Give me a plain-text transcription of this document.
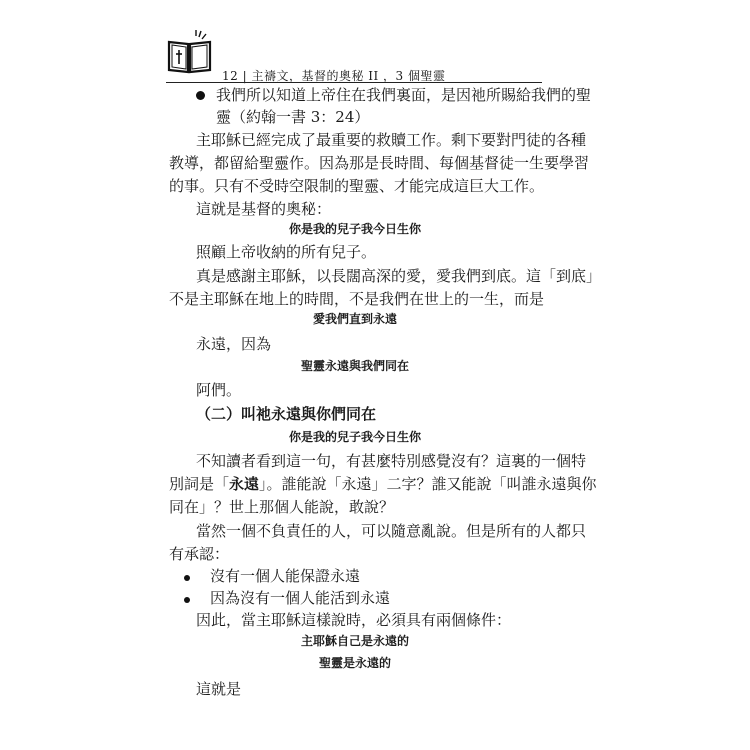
12 | 主禱文，基督的奧秘 II ，3 個聖靈
我們所以知道上帝住在我們裏面，是因祂所賜給我們的聖
靈（約翰一書 3：24）
主耶穌已經完成了最重要的救贖工作。剩下要對門徒的各種
教導，都留給聖靈作。因為那是長時間、每個基督徒一生要學習
的事。只有不受時空限制的聖靈、才能完成這巨大工作。
這就是基督的奧秘：
你是我的兒子我今日生你
照顧上帝收納的所有兒子。
真是感謝主耶穌，以長闊高深的愛，愛我們到底。這「到底」
不是主耶穌在地上的時間，不是我們在世上的一生，而是
愛我們直到永遠
永遠，因為
聖靈永遠與我們同在
阿們。
（二）叫祂永遠與你們同在
你是我的兒子我今日生你
不知讀者看到這一句，有甚麼特別感覺沒有？這裏的一個特
別詞是「永遠」。誰能說「永遠」二字？誰又能說「叫誰永遠與你
同在」？世上那個人能說，敢說？
當然一個不負責任的人，可以隨意亂說。但是所有的人都只
有承認：
沒有一個人能保證永遠
因為沒有一個人能活到永遠
因此，當主耶穌這樣說時，必須具有兩個條件：
主耶穌自己是永遠的
聖靈是永遠的
這就是
